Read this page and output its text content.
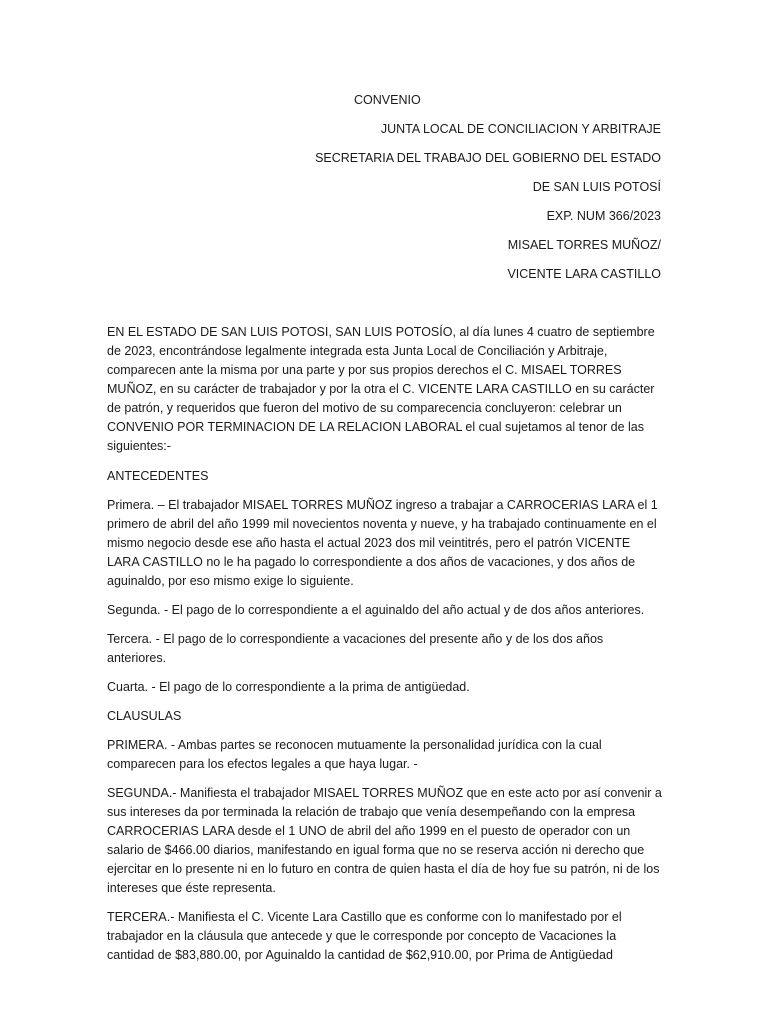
CONVENIO
JUNTA LOCAL DE CONCILIACION Y ARBITRAJE
SECRETARIA DEL TRABAJO DEL GOBIERNO DEL ESTADO
DE SAN LUIS POTOSÍ
EXP. NUM 366/2023
MISAEL TORRES MUÑOZ/
VICENTE LARA CASTILLO

EN EL ESTADO DE SAN LUIS POTOSI, SAN LUIS POTOSÍO, al día lunes 4 cuatro de septiembre de 2023, encontrándose legalmente integrada esta Junta Local de Conciliación y Arbitraje, comparecen ante la misma por una parte y por sus propios derechos el C. MISAEL TORRES MUÑOZ, en su carácter de trabajador y por la otra el C. VICENTE LARA CASTILLO en su carácter de patrón, y requeridos que fueron del motivo de su comparecencia concluyeron: celebrar un CONVENIO POR TERMINACION DE LA RELACION LABORAL el cual sujetamos al tenor de las siguientes:-

ANTECEDENTES

Primera. – El trabajador MISAEL TORRES MUÑOZ ingreso a trabajar a CARROCERIAS LARA el 1 primero de abril del año 1999 mil novecientos noventa y nueve, y ha trabajado continuamente en el mismo negocio desde ese año hasta el actual 2023 dos mil veintitrés, pero el patrón VICENTE LARA CASTILLO no le ha pagado lo correspondiente a dos años de vacaciones, y dos años de aguinaldo, por eso mismo exige lo siguiente.

Segunda. - El pago de lo correspondiente a el aguinaldo del año actual y de dos años anteriores.

Tercera. - El pago de lo correspondiente a vacaciones del presente año y de los dos años anteriores.

Cuarta. - El pago de lo correspondiente a la prima de antigüedad.

CLAUSULAS

PRIMERA. - Ambas partes se reconocen mutuamente la personalidad jurídica con la cual comparecen para los efectos legales a que haya lugar. -

SEGUNDA.- Manifiesta el trabajador MISAEL TORRES MUÑOZ que en este acto por así convenir a sus intereses da por terminada la relación de trabajo que venía desempeñando con la empresa CARROCERIAS LARA desde el 1 UNO de abril del año 1999 en el puesto de operador con un salario de $466.00 diarios, manifestando en igual forma que no se reserva acción ni derecho que ejercitar en lo presente ni en lo futuro en contra de quien hasta el día de hoy fue su patrón, ni de los intereses que éste representa.

TERCERA.- Manifiesta el C. Vicente Lara Castillo que es conforme con lo manifestado por el trabajador en la cláusula que antecede y que le corresponde por concepto de Vacaciones la cantidad de $83,880.00, por Aguinaldo la cantidad de $62,910.00, por Prima de Antigüedad
